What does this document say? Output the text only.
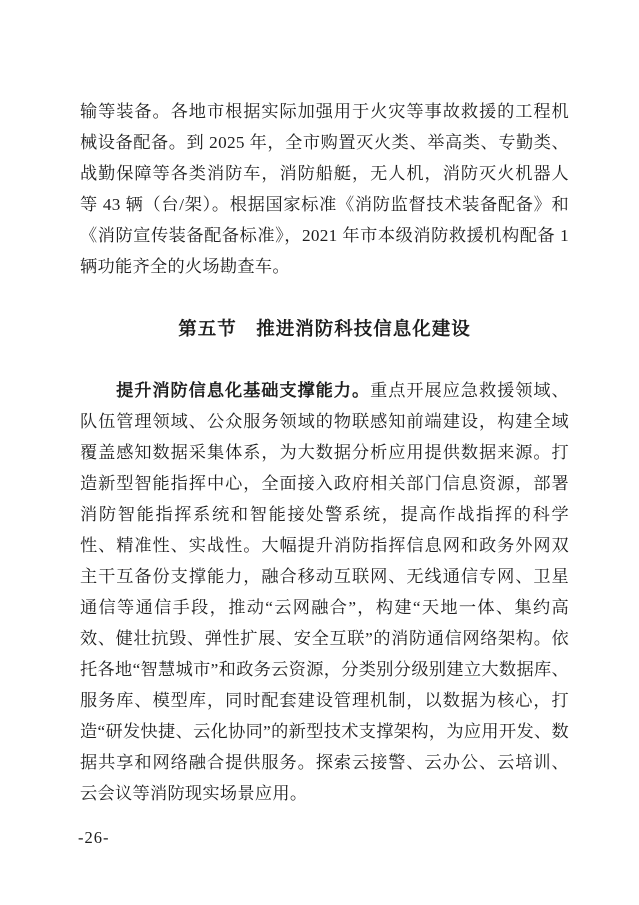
输等装备。各地市根据实际加强用于火灾等事故救援的工程机械设备配备。到 2025 年，全市购置灭火类、举高类、专勤类、战勤保障等各类消防车，消防船艇，无人机，消防灭火机器人等 43 辆（台/架）。根据国家标准《消防监督技术装备配备》和《消防宣传装备配备标准》，2021 年市本级消防救援机构配备 1 辆功能齐全的火场勘查车。

第五节　推进消防科技信息化建设

提升消防信息化基础支撑能力。重点开展应急救援领域、队伍管理领域、公众服务领域的物联感知前端建设，构建全域覆盖感知数据采集体系，为大数据分析应用提供数据来源。打造新型智能指挥中心，全面接入政府相关部门信息资源，部署消防智能指挥系统和智能接处警系统，提高作战指挥的科学性、精准性、实战性。大幅提升消防指挥信息网和政务外网双主干互备份支撑能力，融合移动互联网、无线通信专网、卫星通信等通信手段，推动“云网融合”，构建“天地一体、集约高效、健壮抗毁、弹性扩展、安全互联”的消防通信网络架构。依托各地“智慧城市”和政务云资源，分类别分级别建立大数据库、服务库、模型库，同时配套建设管理机制，以数据为核心，打造“研发快捷、云化协同”的新型技术支撑架构，为应用开发、数据共享和网络融合提供服务。探索云接警、云办公、云培训、云会议等消防现实场景应用。

-26-
